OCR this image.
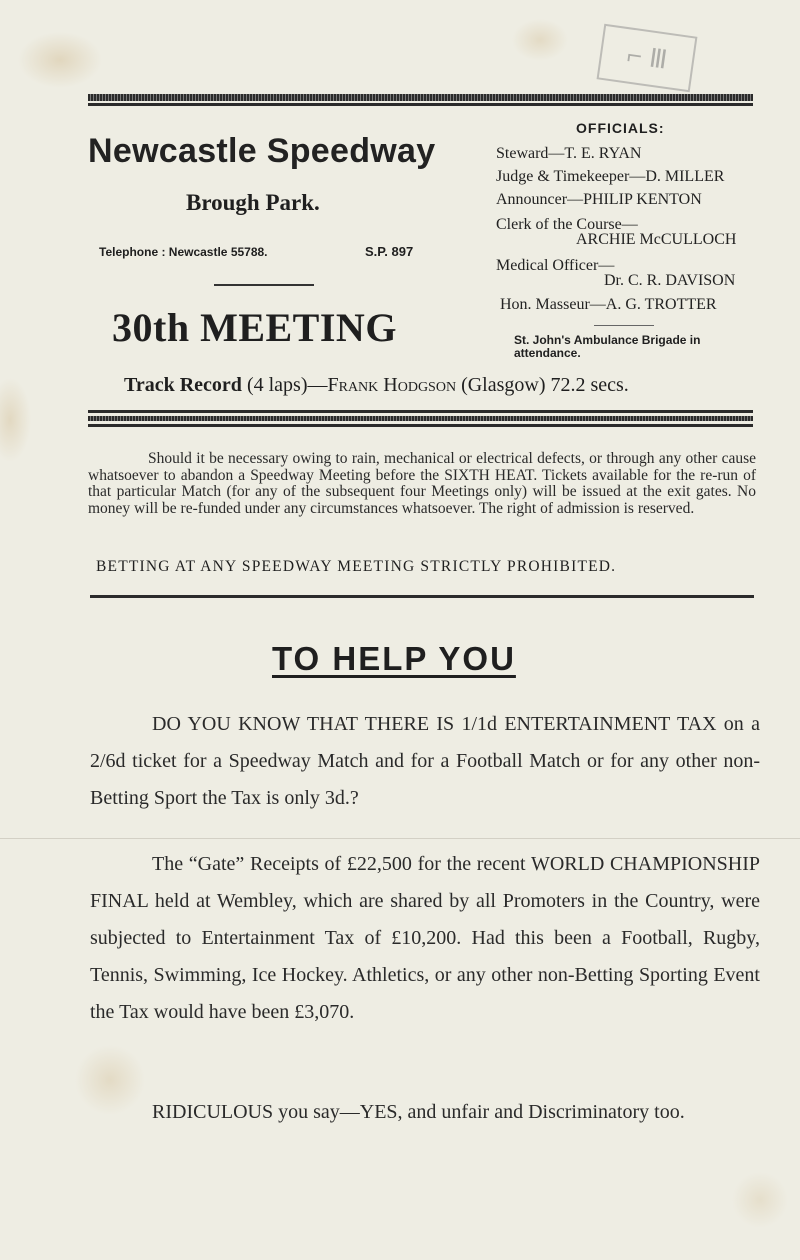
⌐ Ⅲ
Newcastle Speedway
Brough Park.
Telephone : Newcastle 55788.	S.P. 897
30th MEETING
OFFICIALS:
Steward—T. E. RYAN
Judge & Timekeeper—D. MILLER
Announcer—PHILIP KENTON
Clerk of the Course—
ARCHIE McCULLOCH
Medical Officer—
Dr. C. R. DAVISON
Hon. Masseur—A. G. TROTTER
St. John's Ambulance Brigade in attendance.
Track Record (4 laps)—Frank Hodgson (Glasgow) 72.2 secs.

Should it be necessary owing to rain, mechanical or electrical defects, or through any other cause whatsoever to abandon a Speedway Meeting before the SIXTH HEAT. Tickets available for the re-run of that particular Match (for any of the subsequent four Meetings only) will be issued at the exit gates. No money will be re-funded under any circumstances whatsoever. The right of admission is reserved.

BETTING AT ANY SPEEDWAY MEETING STRICTLY PROHIBITED.
TO HELP YOU

DO YOU KNOW THAT THERE IS 1/1d ENTERTAINMENT TAX on a 2/6d ticket for a Speedway Match and for a Football Match or for any other non-Betting Sport the Tax is only 3d.?

The “Gate” Receipts of £22,500 for the recent WORLD CHAMPIONSHIP FINAL held at Wembley, which are shared by all Promoters in the Country, were subjected to Entertainment Tax of £10,200. Had this been a Football, Rugby, Tennis, Swimming, Ice Hockey. Athletics, or any other non-Betting Sporting Event the Tax would have been £3,070.

RIDICULOUS you say—YES, and unfair and Discriminatory too.
